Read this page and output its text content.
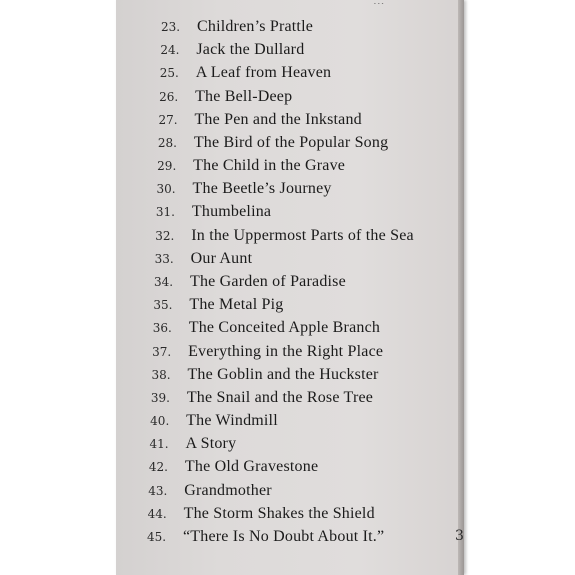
3
23. Children’s Prattle
24. Jack the Dullard
25. A Leaf from Heaven
26. The Bell-Deep
27. The Pen and the Inkstand
28. The Bird of the Popular Song
29. The Child in the Grave
30. The Beetle’s Journey
31. Thumbelina
32. In the Uppermost Parts of the Sea
33. Our Aunt
34. The Garden of Paradise
35. The Metal Pig
36. The Conceited Apple Branch
37. Everything in the Right Place
38. The Goblin and the Huckster
39. The Snail and the Rose Tree
40. The Windmill
41. A Story
42. The Old Gravestone
43. Grandmother
44. The Storm Shakes the Shield
45. “There Is No Doubt About It.”
